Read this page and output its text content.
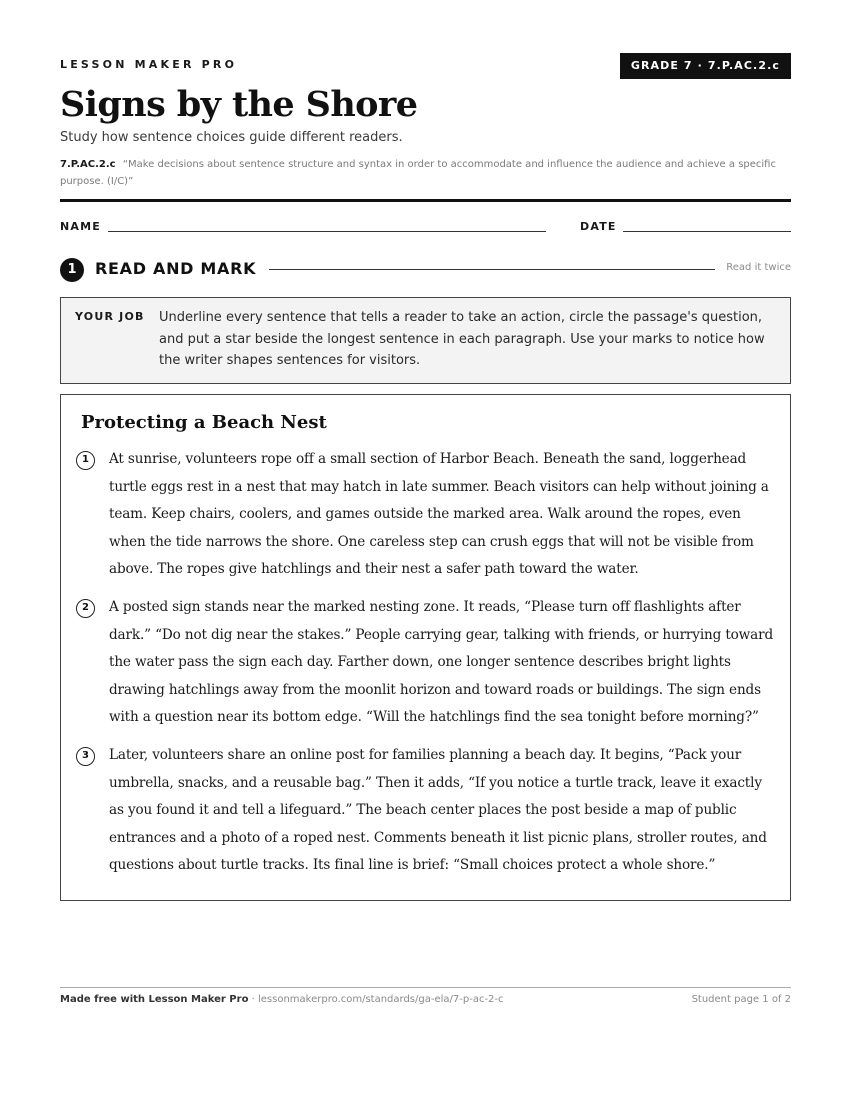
LESSON MAKER PRO	GRADE 7 · 7.P.AC.2.c
Signs by the Shore
Study how sentence choices guide different readers.
7.P.AC.2.c “Make decisions about sentence structure and syntax in order to accommodate and influence the audience and achieve a specific purpose. (I/C)”
NAME	DATE
1	READ AND MARK	Read it twice
YOUR JOB Underline every sentence that tells a reader to take an action, circle the passage's question, and put a star beside the longest sentence in each paragraph. Use your marks to notice how the writer shapes sentences for visitors.
Protecting a Beach Nest
1	At sunrise, volunteers rope off a small section of Harbor Beach. Beneath the sand, loggerhead turtle eggs rest in a nest that may hatch in late summer. Beach visitors can help without joining a team. Keep chairs, coolers, and games outside the marked area. Walk around the ropes, even when the tide narrows the shore. One careless step can crush eggs that will not be visible from above. The ropes give hatchlings and their nest a safer path toward the water.

2	A posted sign stands near the marked nesting zone. It reads, “Please turn off flashlights after dark.” “Do not dig near the stakes.” People carrying gear, talking with friends, or hurrying toward the water pass the sign each day. Farther down, one longer sentence describes bright lights drawing hatchlings away from the moonlit horizon and toward roads or buildings. The sign ends with a question near its bottom edge. “Will the hatchlings find the sea tonight before morning?”

3	Later, volunteers share an online post for families planning a beach day. It begins, “Pack your umbrella, snacks, and a reusable bag.” Then it adds, “If you notice a turtle track, leave it exactly as you found it and tell a lifeguard.” The beach center places the post beside a map of public entrances and a photo of a roped nest. Comments beneath it list picnic plans, stroller routes, and questions about turtle tracks. Its final line is brief: “Small choices protect a whole shore.”

Made free with Lesson Maker Pro · lessonmakerpro.com/standards/ga-ela/7-p-ac-2-c	Student page 1 of 2
